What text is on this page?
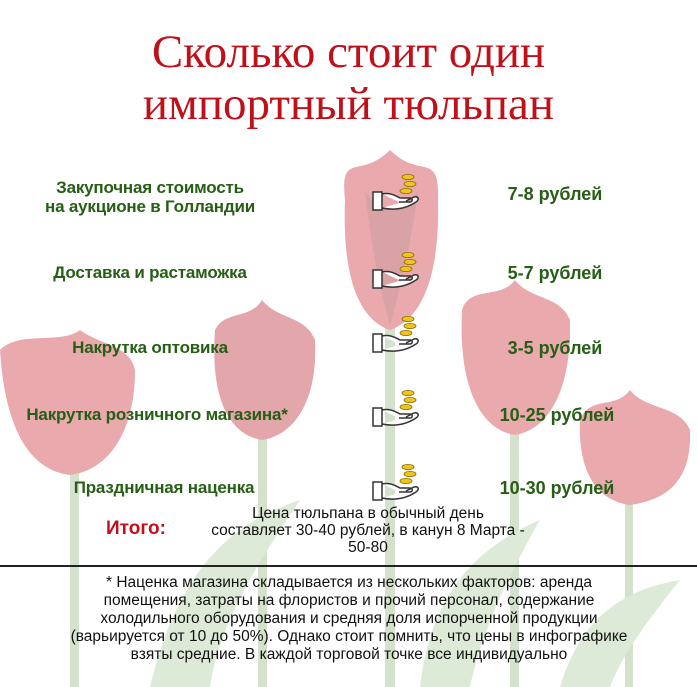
Сколько стоит один
импортный тюльпан
Закупочная стоимость
на аукционе в Голландии
7-8 рублей
Доставка и растаможка	5-7 рублей
Накрутка оптовика	3-5 рублей
Накрутка розничного магазина*	10-25 рублей
Праздничная наценка	10-30 рублей
Итого:
Цена тюльпана в обычный день
составляет 30-40 рублей, в канун 8 Марта -
50-80
* Наценка магазина складывается из нескольких факторов: аренда
помещения, затраты на флористов и прочий персонал, содержание
холодильного оборудования и средняя доля испорченной продукции
(варьируется от 10 до 50%). Однако стоит помнить, что цены в инфографике
взяты средние. В каждой торговой точке все индивидуально
